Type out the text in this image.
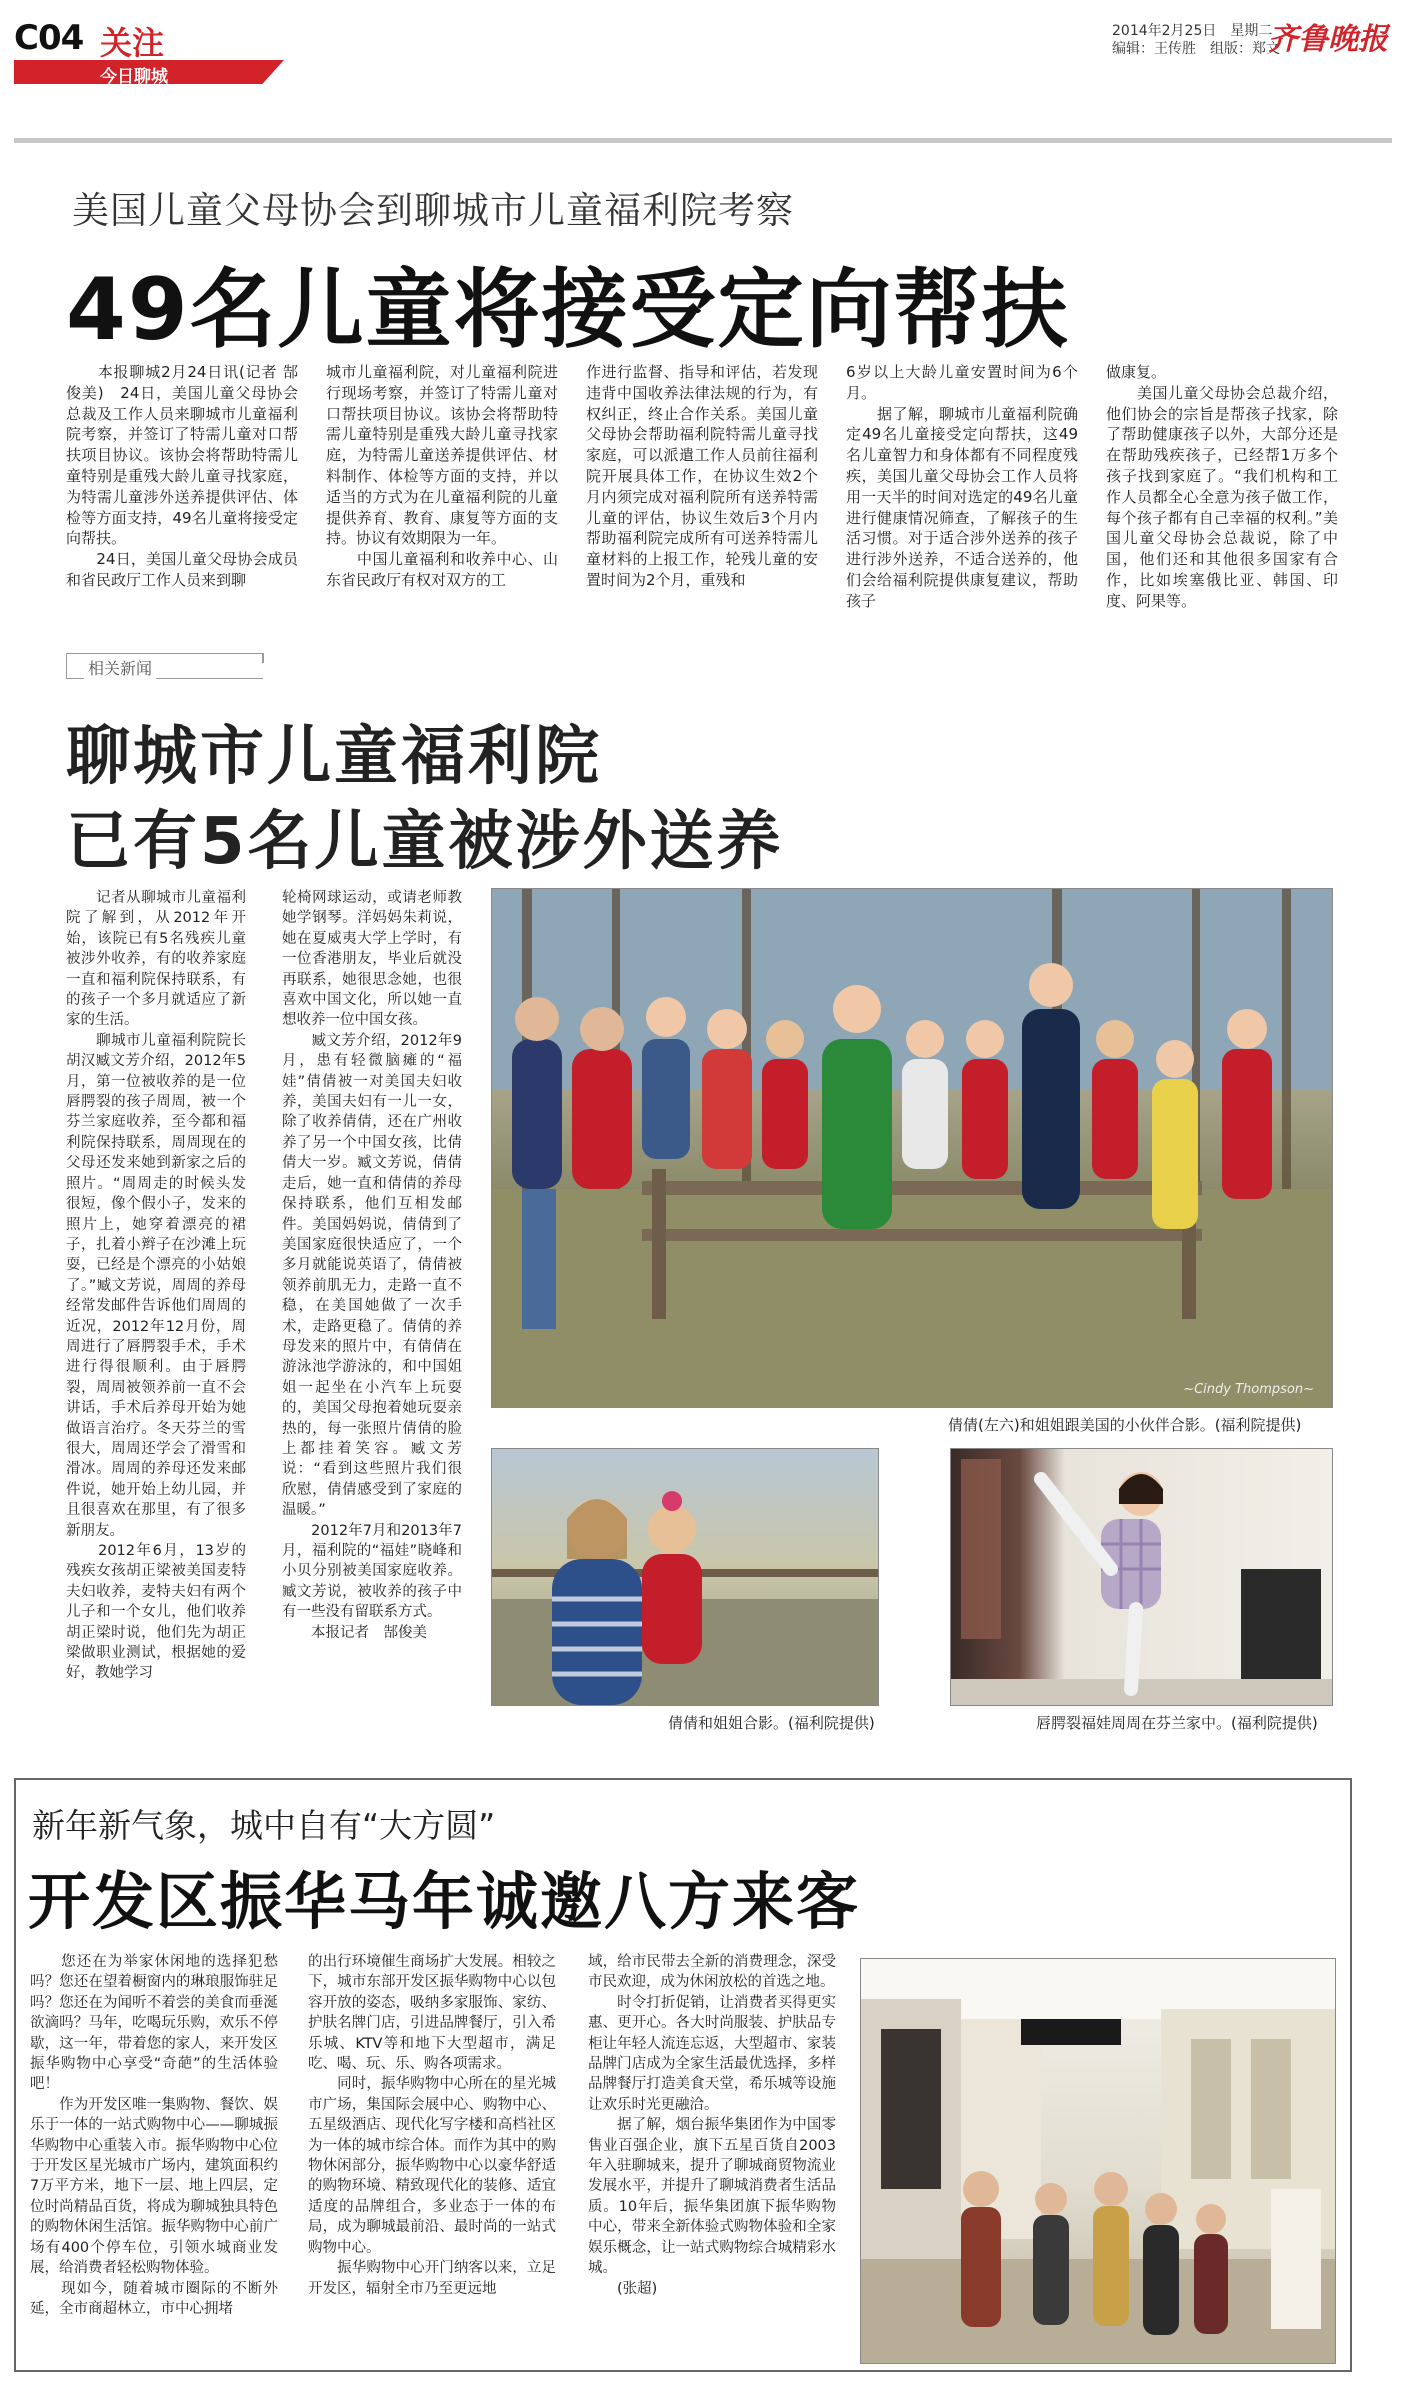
C04 关注
今日聊城
2014年2月25日　星期二
编辑：王传胜　组版：郑文
齐鲁晚报
美国儿童父母协会到聊城市儿童福利院考察
49名儿童将接受定向帮扶
　　本报聊城2月24日讯(记者 郜俊美)　24日，美国儿童父母协会总裁及工作人员来聊城市儿童福利院考察，并签订了特需儿童对口帮扶项目协议。该协会将帮助特需儿童特别是重残大龄儿童寻找家庭，为特需儿童涉外送养提供评估、体检等方面支持，49名儿童将接受定向帮扶。
　　24日，美国儿童父母协会成员和省民政厅工作人员来到聊
城市儿童福利院，对儿童福利院进行现场考察，并签订了特需儿童对口帮扶项目协议。该协会将帮助特需儿童特别是重残大龄儿童寻找家庭，为特需儿童送养提供评估、材料制作、体检等方面的支持，并以适当的方式为在儿童福利院的儿童提供养育、教育、康复等方面的支持。协议有效期限为一年。
　　中国儿童福利和收养中心、山东省民政厅有权对双方的工
作进行监督、指导和评估，若发现违背中国收养法律法规的行为，有权纠正，终止合作关系。美国儿童父母协会帮助福利院特需儿童寻找家庭，可以派遣工作人员前往福利院开展具体工作，在协议生效2个月内须完成对福利院所有送养特需儿童的评估，协议生效后3个月内帮助福利院完成所有可送养特需儿童材料的上报工作，轮残儿童的安置时间为2个月，重残和
6岁以上大龄儿童安置时间为6个月。
　　据了解，聊城市儿童福利院确定49名儿童接受定向帮扶，这49名儿童智力和身体都有不同程度残疾，美国儿童父母协会工作人员将用一天半的时间对选定的49名儿童进行健康情况筛查，了解孩子的生活习惯。对于适合涉外送养的孩子进行涉外送养，不适合送养的，他们会给福利院提供康复建议，帮助孩子
做康复。
　　美国儿童父母协会总裁介绍，他们协会的宗旨是帮孩子找家，除了帮助健康孩子以外，大部分还是在帮助残疾孩子，已经帮1万多个孩子找到家庭了。“我们机构和工作人员都全心全意为孩子做工作，每个孩子都有自己幸福的权利。”美国儿童父母协会总裁说，除了中国，他们还和其他很多国家有合作，比如埃塞俄比亚、韩国、印度、阿果等。
相关新闻
聊城市儿童福利院
已有5名儿童被涉外送养
　　记者从聊城市儿童福利院了解到，从2012年开始，该院已有5名残疾儿童被涉外收养，有的收养家庭一直和福利院保持联系，有的孩子一个多月就适应了新家的生活。
　　聊城市儿童福利院院长胡汉臧文芳介绍，2012年5月，第一位被收养的是一位唇腭裂的孩子周周，被一个芬兰家庭收养，至今都和福利院保持联系，周周现在的父母还发来她到新家之后的照片。“周周走的时候头发很短，像个假小子，发来的照片上，她穿着漂亮的裙子，扎着小辫子在沙滩上玩耍，已经是个漂亮的小姑娘了。”臧文芳说，周周的养母经常发邮件告诉他们周周的近况，2012年12月份，周周进行了唇腭裂手术，手术进行得很顺利。由于唇腭裂，周周被领养前一直不会讲话，手术后养母开始为她做语言治疗。冬天芬兰的雪很大，周周还学会了滑雪和滑冰。周周的养母还发来邮件说，她开始上幼儿园，并且很喜欢在那里，有了很多新朋友。
　　2012年6月，13岁的残疾女孩胡正梁被美国麦特夫妇收养，麦特夫妇有两个儿子和一个女儿，他们收养胡正梁时说，他们先为胡正梁做职业测试，根据她的爱好，教她学习
轮椅网球运动，或请老师教她学钢琴。洋妈妈朱莉说，她在夏威夷大学上学时，有一位香港朋友，毕业后就没再联系，她很思念她，也很喜欢中国文化，所以她一直想收养一位中国女孩。
　　臧文芳介绍，2012年9月，患有轻微脑瘫的“福娃”倩倩被一对美国夫妇收养，美国夫妇有一儿一女，除了收养倩倩，还在广州收养了另一个中国女孩，比倩倩大一岁。臧文芳说，倩倩走后，她一直和倩倩的养母保持联系，他们互相发邮件。美国妈妈说，倩倩到了美国家庭很快适应了，一个多月就能说英语了，倩倩被领养前肌无力，走路一直不稳，在美国她做了一次手术，走路更稳了。倩倩的养母发来的照片中，有倩倩在游泳池学游泳的，和中国姐姐一起坐在小汽车上玩耍的，美国父母抱着她玩耍亲热的，每一张照片倩倩的脸上都挂着笑容。臧文芳说：“看到这些照片我们很欣慰，倩倩感受到了家庭的温暖。”
　　2012年7月和2013年7月，福利院的“福娃”晓峰和小贝分别被美国家庭收养。臧文芳说，被收养的孩子中有一些没有留联系方式。
　　本报记者　郜俊美
~Cindy Thompson~
倩倩(左六)和姐姐跟美国的小伙伴合影。(福利院提供)
倩倩和姐姐合影。(福利院提供)	唇腭裂福娃周周在芬兰家中。(福利院提供)
新年新气象，城中自有“大方圆”
开发区振华马年诚邀八方来客
　　您还在为举家休闲地的选择犯愁吗？您还在望着橱窗内的琳琅服饰驻足吗？您还在为闻听不着尝的美食而垂涎欲滴吗？马年，吃喝玩乐购，欢乐不停歇，这一年，带着您的家人，来开发区振华购物中心享受“奇葩”的生活体验吧！
　　作为开发区唯一集购物、餐饮、娱乐于一体的一站式购物中心——聊城振华购物中心重装入市。振华购物中心位于开发区星光城市广场内，建筑面积约7万平方米，地下一层、地上四层，定位时尚精品百货，将成为聊城独具特色的购物休闲生活馆。振华购物中心前广场有400个停车位，引领水城商业发展，给消费者轻松购物体验。
　　现如今，随着城市圈际的不断外延，全市商超林立，市中心拥堵
的出行环境催生商场扩大发展。相较之下，城市东部开发区振华购物中心以包容开放的姿态，吸纳多家服饰、家纺、护肤名牌门店，引进品牌餐厅，引入希乐城、KTV等和地下大型超市，满足吃、喝、玩、乐、购各项需求。
　　同时，振华购物中心所在的星光城市广场，集国际会展中心、购物中心、五星级酒店、现代化写字楼和高档社区为一体的城市综合体。而作为其中的购物休闲部分，振华购物中心以豪华舒适的购物环境、精致现代化的装修、适宜适度的品牌组合，多业态于一体的布局，成为聊城最前沿、最时尚的一站式购物中心。
　　振华购物中心开门纳客以来，立足开发区，辐射全市乃至更远地
域，给市民带去全新的消费理念，深受市民欢迎，成为休闲放松的首选之地。
　　时令打折促销，让消费者买得更实惠、更开心。各大时尚服装、护肤品专柜让年轻人流连忘返，大型超市、家装品牌门店成为全家生活最优选择，多样品牌餐厅打造美食天堂，希乐城等设施让欢乐时光更融洽。
　　据了解，烟台振华集团作为中国零售业百强企业，旗下五星百货自2003年入驻聊城来，提升了聊城商贸物流业发展水平，并提升了聊城消费者生活品质。10年后，振华集团旗下振华购物中心，带来全新体验式购物体验和全家娱乐概念，让一站式购物综合城精彩水城。
　　(张超)
